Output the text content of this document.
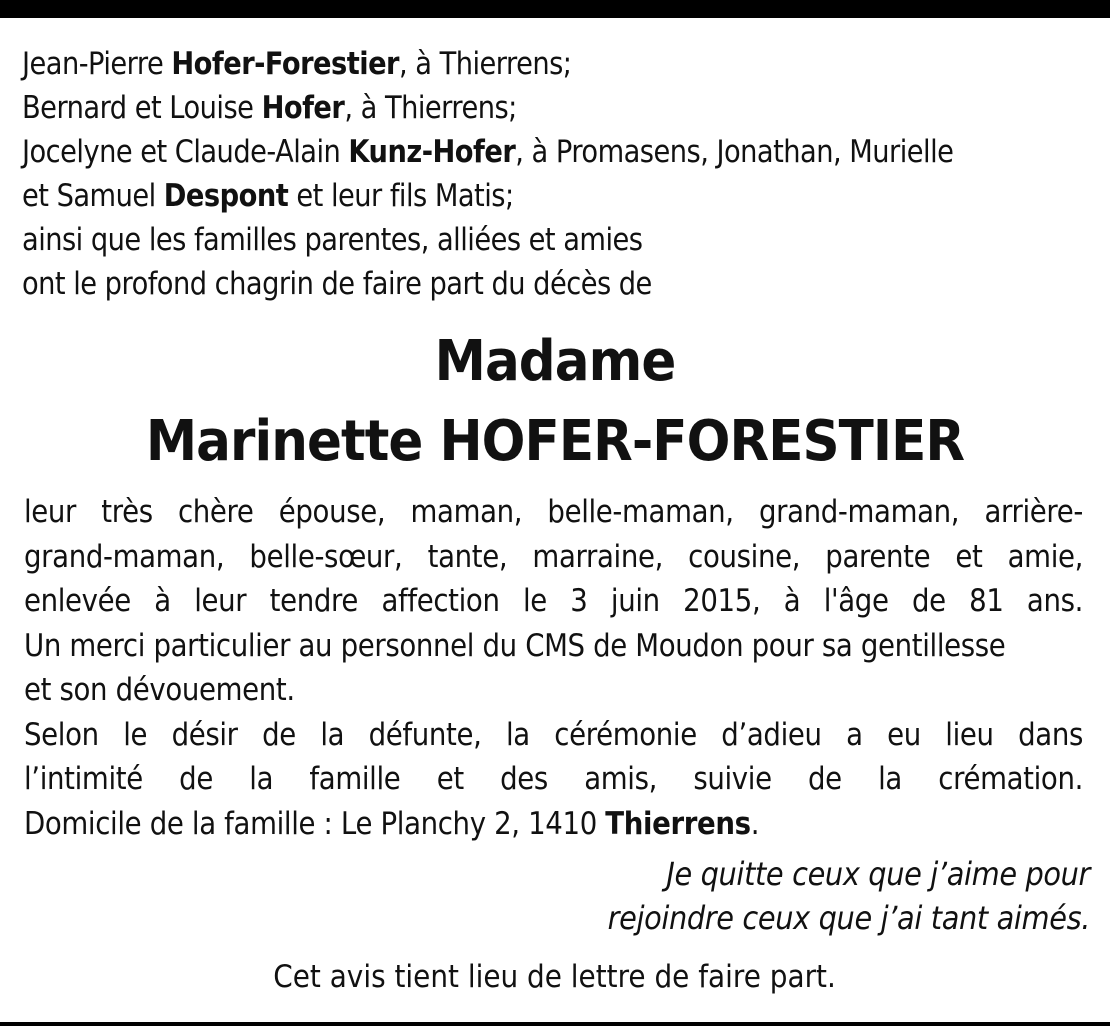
Jean-Pierre Hofer-Forestier, à Thierrens;
Bernard et Louise Hofer, à Thierrens;
Jocelyne et Claude-Alain Kunz-Hofer, à Promasens, Jonathan, Murielle
et Samuel Despont et leur fils Matis;
ainsi que les familles parentes, alliées et amies
ont le profond chagrin de faire part du décès de
Madame
Marinette HOFER-FORESTIER
leur très chère épouse, maman, belle-maman, grand-maman, arrière-
grand-maman, belle-sœur, tante, marraine, cousine, parente et amie,
enlevée à leur tendre affection le 3 juin 2015, à l'âge de 81 ans.
Un merci particulier au personnel du CMS de Moudon pour sa gentillesse
et son dévouement.
Selon le désir de la défunte, la cérémonie d’adieu a eu lieu dans
l’intimité de la famille et des amis, suivie de la crémation.
Domicile de la famille : Le Planchy 2, 1410 Thierrens.
Je quitte ceux que j’aime pour
rejoindre ceux que j’ai tant aimés.
Cet avis tient lieu de lettre de faire part.
